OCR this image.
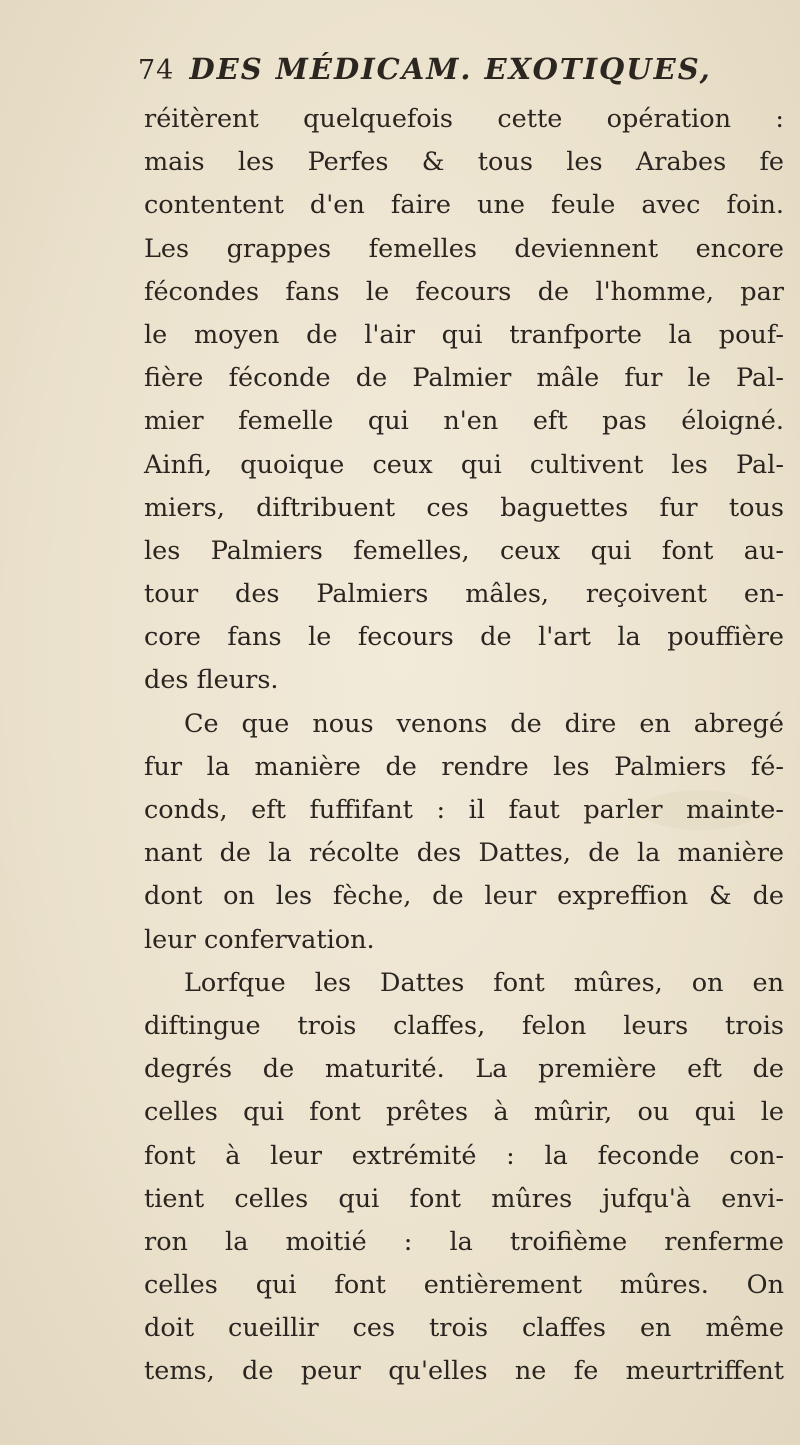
74 DES MÉDICAM. EXOTIQUES,
réitèrent quelquefois cette opération :
mais les Perfes & tous les Arabes fe
contentent d'en faire une feule avec foin.
Les grappes femelles deviennent encore
fécondes fans le fecours de l'homme, par
le moyen de l'air qui tranfporte la pouf-
fière féconde de Palmier mâle fur le Pal-
mier femelle qui n'en eft pas éloigné.
Ainfi, quoique ceux qui cultivent les Pal-
miers, diftribuent ces baguettes fur tous
les Palmiers femelles, ceux qui font au-
tour des Palmiers mâles, reçoivent en-
core fans le fecours de l'art la pouffière
des fleurs.
Ce que nous venons de dire en abregé
fur la manière de rendre les Palmiers fé-
conds, eft fuffifant : il faut parler mainte-
nant de la récolte des Dattes, de la manière
dont on les fèche, de leur expreffion & de
leur confervation.
Lorfque les Dattes font mûres, on en
diftingue trois claffes, felon leurs trois
degrés de maturité. La première eft de
celles qui font prêtes à mûrir, ou qui le
font à leur extrémité : la feconde con-
tient celles qui font mûres jufqu'à envi-
ron la moitié : la troifième renferme
celles qui font entièrement mûres. On
doit cueillir ces trois claffes en même
tems, de peur qu'elles ne fe meurtriffent
